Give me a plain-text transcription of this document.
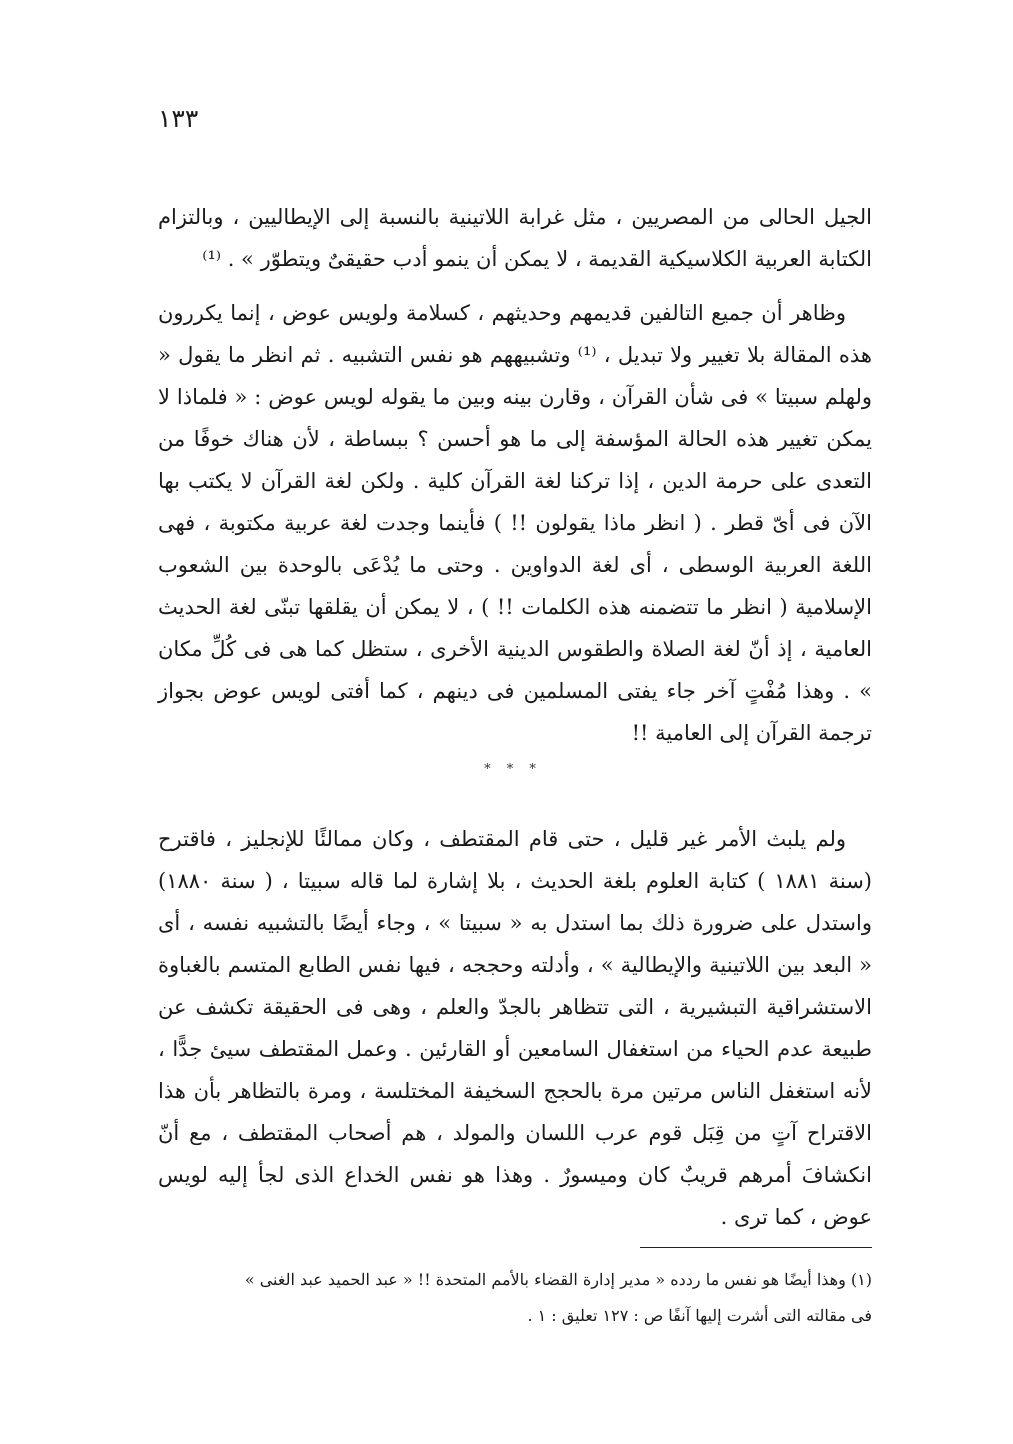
١٣٣

الجيل الحالى من المصريين ، مثل غرابة اللاتينية بالنسبة إلى الإيطاليين ، وبالتزام الكتابة العربية الكلاسيكية القديمة ، لا يمكن أن ينمو أدب حقيقىٌ ويتطوّر » . ⁽¹⁾

وظاهر أن جميع التالفين قديمهم وحديثهم ، كسلامة ولويس عوض ، إنما يكررون هذه المقالة بلا تغيير ولا تبديل ، ⁽¹⁾ وتشبيههم هو نفس التشبيه . ثم انظر ما يقول « ولهلم سبيتا » فى شأن القرآن ، وقارن بينه وبين ما يقوله لويس عوض : « فلماذا لا يمكن تغيير هذه الحالة المؤسفة إلى ما هو أحسن ؟ ببساطة ، لأن هناك خوفًا من التعدى على حرمة الدين ، إذا تركنا لغة القرآن كلية . ولكن لغة القرآن لا يكتب بها الآن فى أىّ قطر . ( انظر ماذا يقولون !! ) فأينما وجدت لغة عربية مكتوبة ، فهى اللغة العربية الوسطى ، أى لغة الدواوين . وحتى ما يُدْعَى بالوحدة بين الشعوب الإسلامية ( انظر ما تتضمنه هذه الكلمات !! ) ، لا يمكن أن يقلقها تبنّى لغة الحديث العامية ، إذ أنّ لغة الصلاة والطقوس الدينية الأخرى ، ستظل كما هى فى كُلِّ مكان » . وهذا مُفْتٍ آخر جاء يفتى المسلمين فى دينهم ، كما أفتى لويس عوض بجواز ترجمة القرآن إلى العامية !!

* * *

ولم يلبث الأمر غير قليل ، حتى قام المقتطف ، وكان ممالئًا للإنجليز ، فاقترح (سنة ١٨٨١ ) كتابة العلوم بلغة الحديث ، بلا إشارة لما قاله سبيتا ، ( سنة ١٨٨٠) واستدل على ضرورة ذلك بما استدل به « سبيتا » ، وجاء أيضًا بالتشبيه نفسه ، أى « البعد بين اللاتينية والإيطالية » ، وأدلته وحججه ، فيها نفس الطابع المتسم بالغباوة الاستشراقية التبشيرية ، التى تتظاهر بالجدّ والعلم ، وهى فى الحقيقة تكشف عن طبيعة عدم الحياء من استغفال السامعين أو القارئين . وعمل المقتطف سيئ جدًّا ، لأنه استغفل الناس مرتين مرة بالحجج السخيفة المختلسة ، ومرة بالتظاهر بأن هذا الاقتراح آتٍ من قِبَل قوم عرب اللسان والمولد ، هم أصحاب المقتطف ، مع أنّ انكشافَ أمرهم قريبٌ كان وميسورٌ . وهذا هو نفس الخداع الذى لجأ إليه لويس عوض ، كما ترى .

(١) وهذا أيضًا هو نفس ما ردده « مدير إدارة القضاء بالأمم المتحدة !! « عبد الحميد عبد الغنى »

فى مقالته التى أشرت إليها آنفًا ص : ١٢٧ تعليق : ١ .
